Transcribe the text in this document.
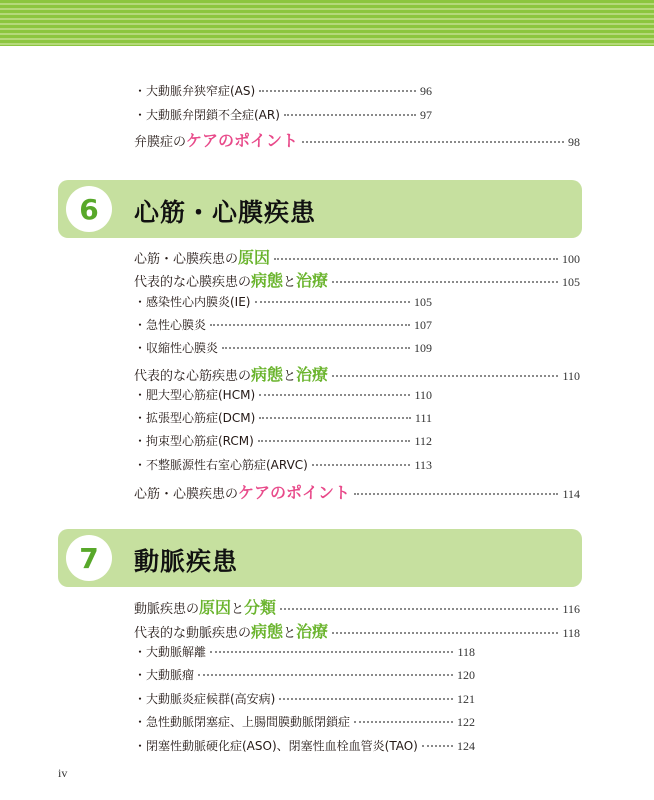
・大動脈弁狭窄症(AS)	96
・大動脈弁閉鎖不全症(AR)	97
弁膜症のケアのポイント	98
心筋・心膜疾患の原因	100
代表的な心膜疾患の病態と治療	105
・感染性心内膜炎(IE)	105
・急性心膜炎	107
・収縮性心膜炎	109
代表的な心筋疾患の病態と治療	110
・肥大型心筋症(HCM)	110
・拡張型心筋症(DCM)	111
・拘束型心筋症(RCM)	112
・不整脈源性右室心筋症(ARVC)	113
心筋・心膜疾患のケアのポイント	114
動脈疾患の原因と分類	116
代表的な動脈疾患の病態と治療	118
・大動脈解離	118
・大動脈瘤	120
・大動脈炎症候群(高安病)	121
・急性動脈閉塞症、上腸間膜動脈閉鎖症	122
・閉塞性動脈硬化症(ASO)、閉塞性血栓血管炎(TAO)	124
6 心筋・心膜疾患
7 動脈疾患
iv
